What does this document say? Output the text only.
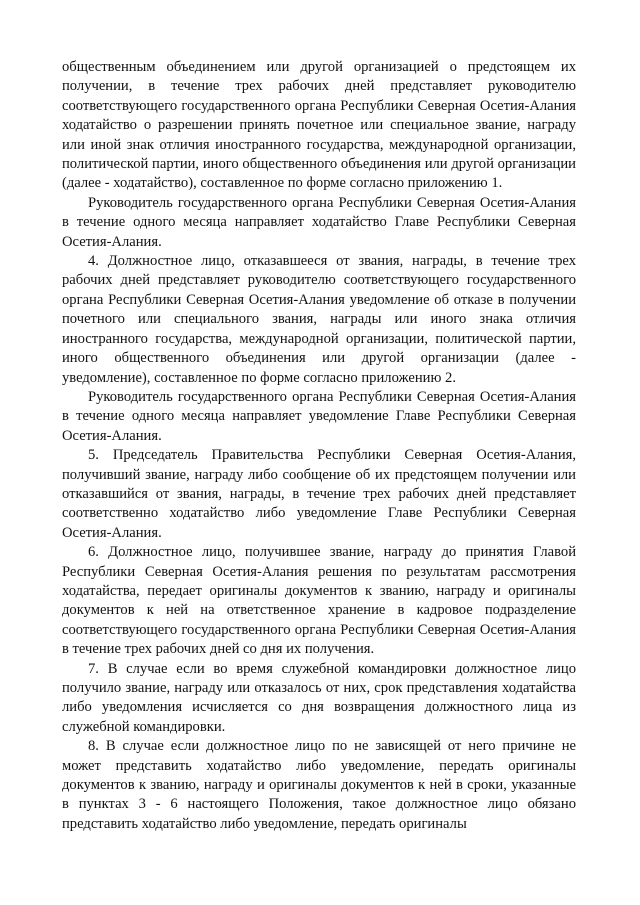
общественным объединением или другой организацией о предстоящем их получении, в течение трех рабочих дней представляет руководителю соответствующего государственного органа Республики Северная Осетия-Алания ходатайство о разрешении принять почетное или специальное звание, награду или иной знак отличия иностранного государства, международной организации, политической партии, иного общественного объединения или другой организации (далее - ходатайство), составленное по форме согласно приложению 1.

Руководитель государственного органа Республики Северная Осетия-Алания в течение одного месяца направляет ходатайство Главе Республики Северная Осетия-Алания.

4. Должностное лицо, отказавшееся от звания, награды, в течение трех рабочих дней представляет руководителю соответствующего государственного органа Республики Северная Осетия-Алания уведомление об отказе в получении почетного или специального звания, награды или иного знака отличия иностранного государства, международной организации, политической партии, иного общественного объединения или другой организации (далее - уведомление), составленное по форме согласно приложению 2.

Руководитель государственного органа Республики Северная Осетия-Алания в течение одного месяца направляет уведомление Главе Республики Северная Осетия-Алания.

5. Председатель Правительства Республики Северная Осетия-Алания, получивший звание, награду либо сообщение об их предстоящем получении или отказавшийся от звания, награды, в течение трех рабочих дней представляет соответственно ходатайство либо уведомление Главе Республики Северная Осетия-Алания.

6. Должностное лицо, получившее звание, награду до принятия Главой Республики Северная Осетия-Алания решения по результатам рассмотрения ходатайства, передает оригиналы документов к званию, награду и оригиналы документов к ней на ответственное хранение в кадровое подразделение соответствующего государственного органа Республики Северная Осетия-Алания в течение трех рабочих дней со дня их получения.

7. В случае если во время служебной командировки должностное лицо получило звание, награду или отказалось от них, срок представления ходатайства либо уведомления исчисляется со дня возвращения должностного лица из служебной командировки.

8. В случае если должностное лицо по не зависящей от него причине не может представить ходатайство либо уведомление, передать оригиналы документов к званию, награду и оригиналы документов к ней в сроки, указанные в пунктах 3 - 6 настоящего Положения, такое должностное лицо обязано представить ходатайство либо уведомление, передать оригиналы
